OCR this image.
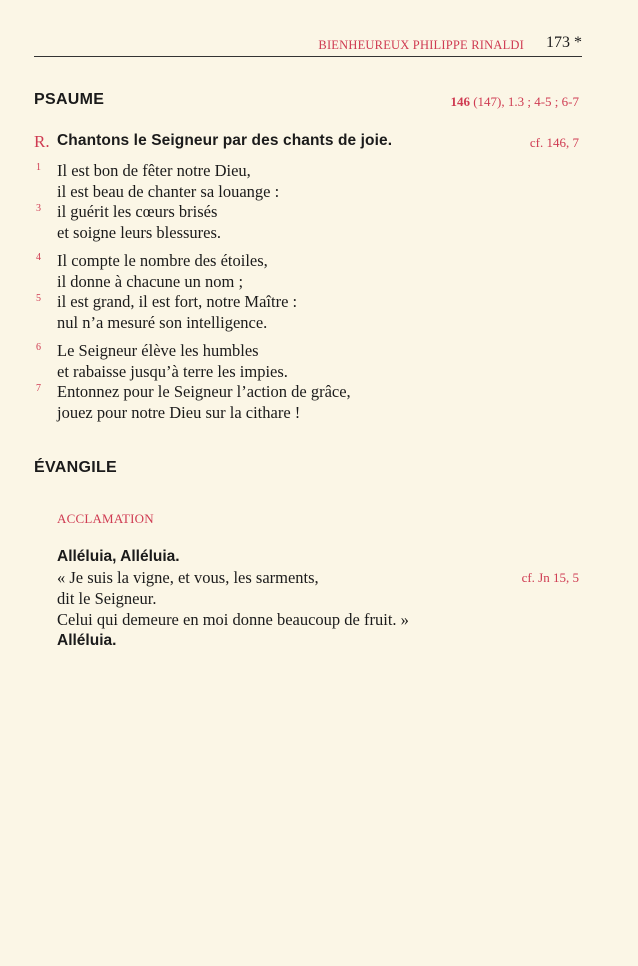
BIENHEUREUX PHILIPPE RINALDI 173 *
PSAUME	146 (147), 1.3 ; 4-5 ; 6-7
R. Chantons le Seigneur par des chants de joie.	cf. 146, 7
1 Il est bon de fêter notre Dieu,
il est beau de chanter sa louange :
3 il guérit les cœurs brisés
et soigne leurs blessures.
4 Il compte le nombre des étoiles,
il donne à chacune un nom ;
5 il est grand, il est fort, notre Maître :
nul n’a mesuré son intelligence.
6 Le Seigneur élève les humbles
et rabaisse jusqu’à terre les impies.
7 Entonnez pour le Seigneur l’action de grâce,
jouez pour notre Dieu sur la cithare !
ÉVANGILE
ACCLAMATION
Alléluia, Alléluia.
« Je suis la vigne, et vous, les sarments,
dit le Seigneur.
Celui qui demeure en moi donne beaucoup de fruit. »
Alléluia.
cf. Jn 15, 5
